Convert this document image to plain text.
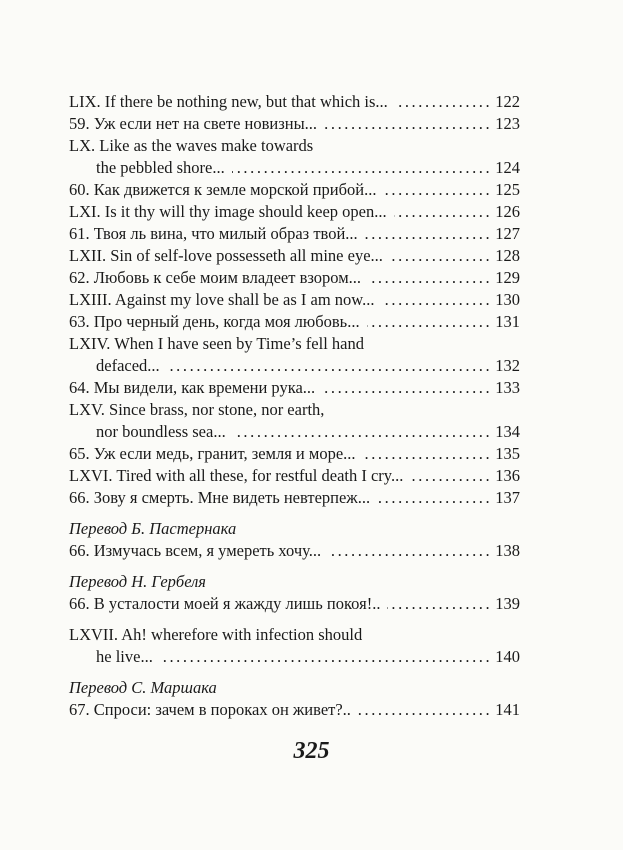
LIX. If there be nothing new, but that which is... .....	122
59. Уж если нет на свете новизны... .....	123
LX. Like as the waves make towards
the pebbled shore... .....	124
60. Как движется к земле морской прибой... .....	125
LXI. Is it thy will thy image should keep open... .....	126
61. Твоя ль вина, что милый образ твой... .....	127
LXII. Sin of self-love possesseth all mine eye... .....	128
62. Любовь к себе моим владеет взором... .....	129
LXIII. Against my love shall be as I am now... .....	130
63. Про черный день, когда моя любовь... .....	131
LXIV. When I have seen by Time’s fell hand
defaced... .....	132
64. Мы видели, как времени рука... .....	133
LXV. Since brass, nor stone, nor earth,
nor boundless sea... .....	134
65. Уж если медь, гранит, земля и море... .....	135
LXVI. Tired with all these, for restful death I cry... .....	136
66. Зову я смерть. Мне видеть невтерпеж... .....	137
Перевод Б. Пастернака
66. Измучась всем, я умереть хочу... .....	138
Перевод Н. Гербеля
66. В усталости моей я жажду лишь покоя!.. .....	139
LXVII. Ah! wherefore with infection should
he live... .....	140
Перевод С. Маршака
67. Спроси: зачем в пороках он живет?.. .....	141
325
